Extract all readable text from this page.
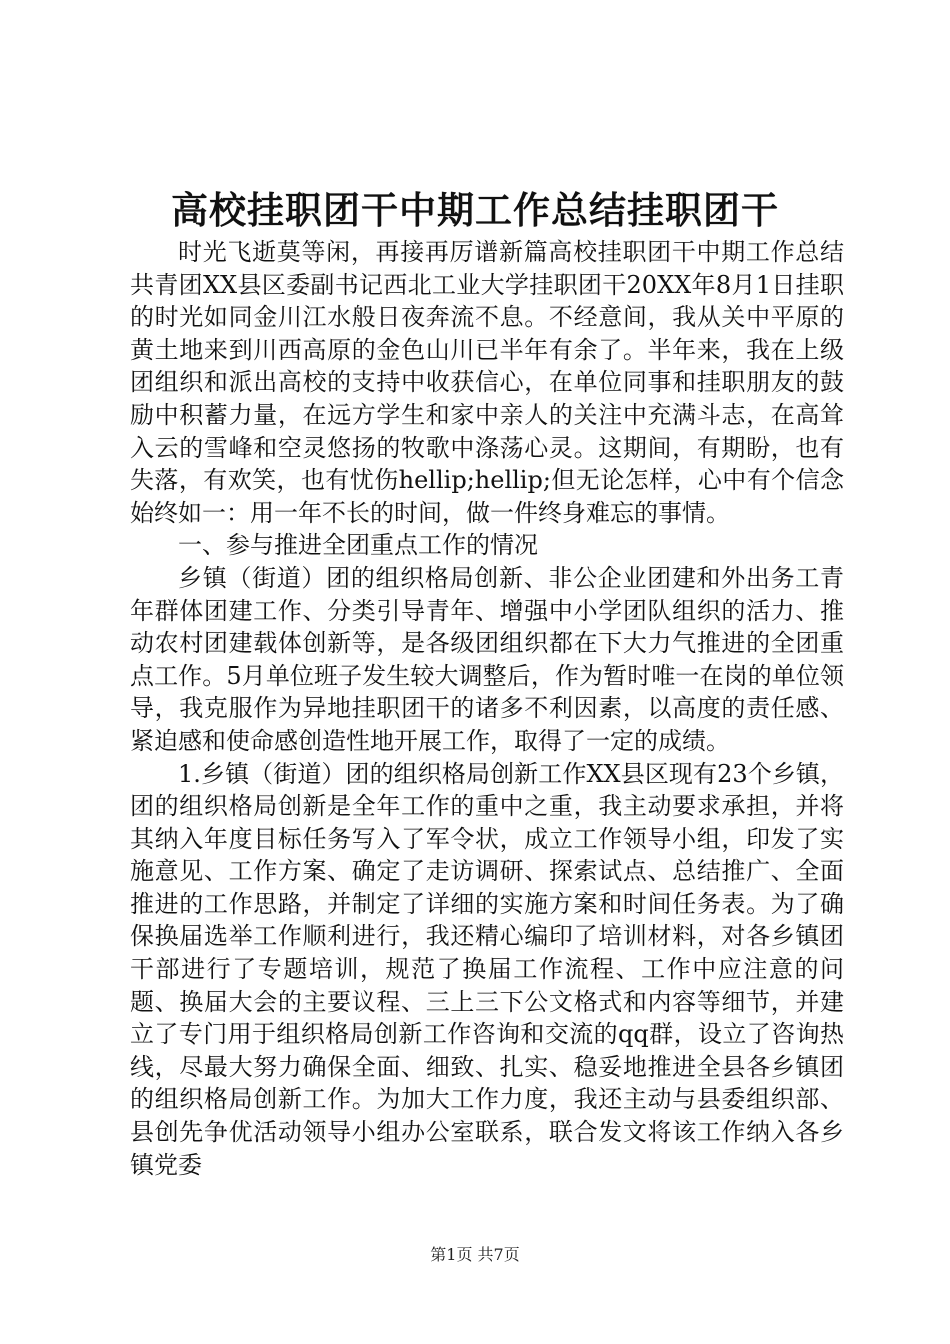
高校挂职团干中期工作总结挂职团干

时光飞逝莫等闲，再接再厉谱新篇高校挂职团干中期工作总结共青团XX县区委副书记西北工业大学挂职团干20XX年8月1日挂职的时光如同金川江水般日夜奔流不息。不经意间，我从关中平原的黄土地来到川西高原的金色山川已半年有余了。半年来，我在上级团组织和派出高校的支持中收获信心，在单位同事和挂职朋友的鼓励中积蓄力量，在远方学生和家中亲人的关注中充满斗志，在高耸入云的雪峰和空灵悠扬的牧歌中涤荡心灵。这期间，有期盼，也有失落，有欢笑，也有忧伤hellip;hellip;但无论怎样，心中有个信念始终如一：用一年不长的时间，做一件终身难忘的事情。

一、参与推进全团重点工作的情况

乡镇（街道）团的组织格局创新、非公企业团建和外出务工青年群体团建工作、分类引导青年、增强中小学团队组织的活力、推动农村团建载体创新等，是各级团组织都在下大力气推进的全团重点工作。5月单位班子发生较大调整后，作为暂时唯一在岗的单位领导，我克服作为异地挂职团干的诸多不利因素，以高度的责任感、紧迫感和使命感创造性地开展工作，取得了一定的成绩。

1.乡镇（街道）团的组织格局创新工作XX县区现有23个乡镇，团的组织格局创新是全年工作的重中之重，我主动要求承担，并将其纳入年度目标任务写入了军令状，成立工作领导小组，印发了实施意见、工作方案、确定了走访调研、探索试点、总结推广、全面推进的工作思路，并制定了详细的实施方案和时间任务表。为了确保换届选举工作顺利进行，我还精心编印了培训材料，对各乡镇团干部进行了专题培训，规范了换届工作流程、工作中应注意的问题、换届大会的主要议程、三上三下公文格式和内容等细节，并建立了专门用于组织格局创新工作咨询和交流的qq群，设立了咨询热线，尽最大努力确保全面、细致、扎实、稳妥地推进全县各乡镇团的组织格局创新工作。为加大工作力度，我还主动与县委组织部、县创先争优活动领导小组办公室联系，联合发文将该工作纳入各乡镇党委

第1页 共7页
